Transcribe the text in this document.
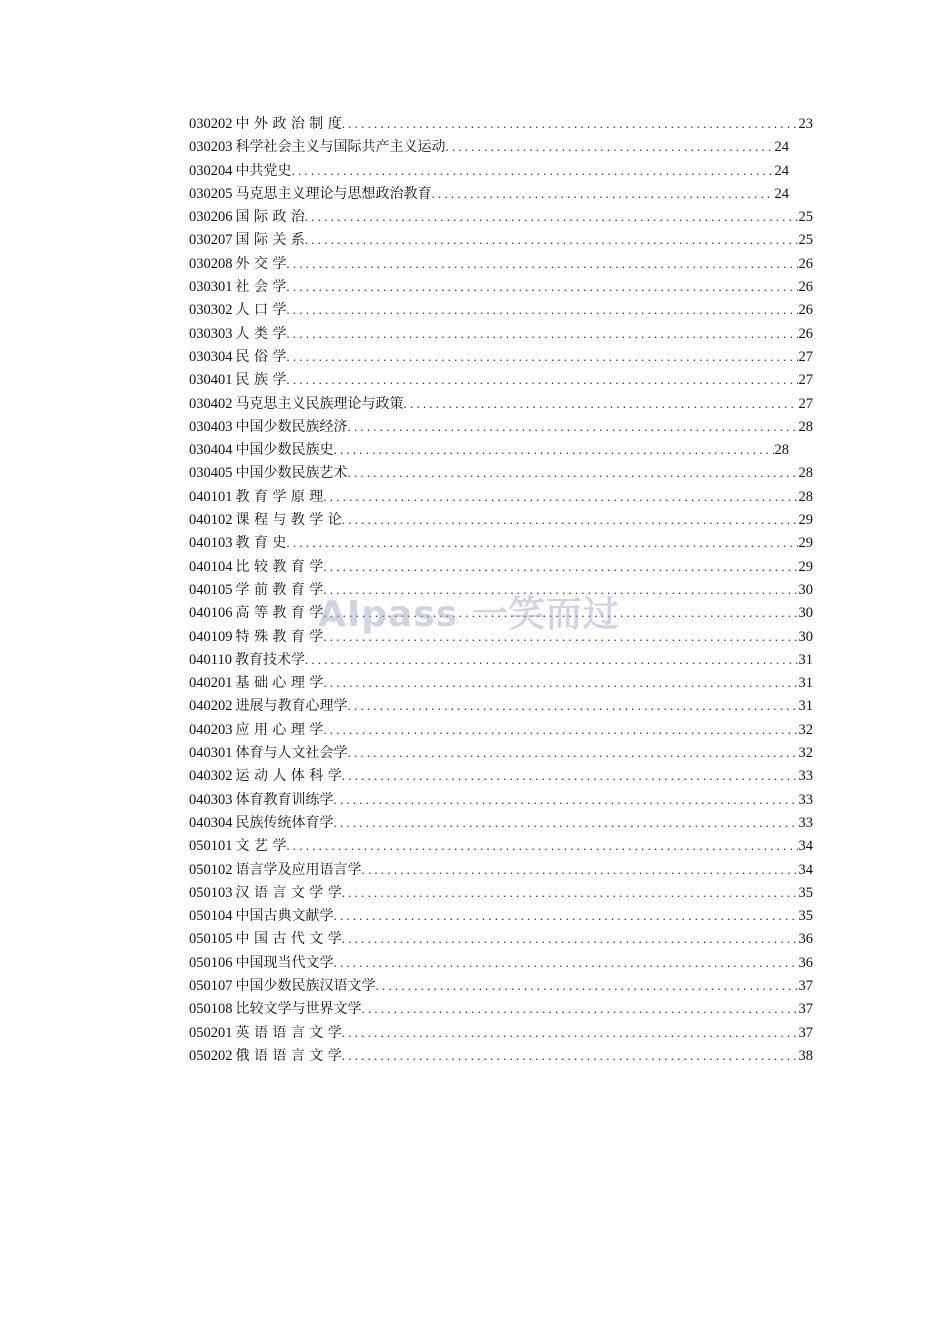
030202 中 外 政 治 制 度 .....	23
030203 科学社会主义与国际共产主义运动 .....	24
030204 中共党史 .....	24
030205 马克思主义理论与思想政治教育 .....	24
030206 国 际 政 治 .....	25
030207 国 际 关 系 .....	25
030208 外 交 学 .....	26
030301 社 会 学 .....	26
030302 人 口 学 .....	26
030303 人 类 学 .....	26
030304 民 俗 学 .....	27
030401 民 族 学 .....	27
030402 马克思主义民族理论与政策 .....	27
030403 中国少数民族经济 .....	28
030404 中国少数民族史 .....	28
030405 中国少数民族艺术 .....	28
040101 教 育 学 原 理 .....	28
040102 课 程 与 教 学 论 .....	29
040103 教 育 史 .....	29
040104 比 较 教 育 学 .....	29
040105 学 前 教 育 学 .....	30
040106 高 等 教 育 学 .....	30
040109 特 殊 教 育 学 .....	30
040110 教育技术学 .....	31
040201 基 础 心 理 学 .....	31
040202 进展与教育心理学 .....	31
040203 应 用 心 理 学 .....	32
040301 体育与人文社会学 .....	32
040302 运 动 人 体 科 学 .....	33
040303 体育教育训练学 .....	33
040304 民族传统体育学 .....	33
050101 文 艺 学 .....	34
050102 语言学及应用语言学 .....	34
050103 汉 语 言 文 学 学 .....	35
050104 中国古典文献学 .....	35
050105 中 国 古 代 文 学 .....	36
050106 中国现当代文学 .....	36
050107 中国少数民族汉语文学 .....	37
050108 比较文学与世界文学 .....	37
050201 英 语 语 言 文 学 .....	37
050202 俄 语 语 言 文 学 .....	38
AIpass 一笑而过
